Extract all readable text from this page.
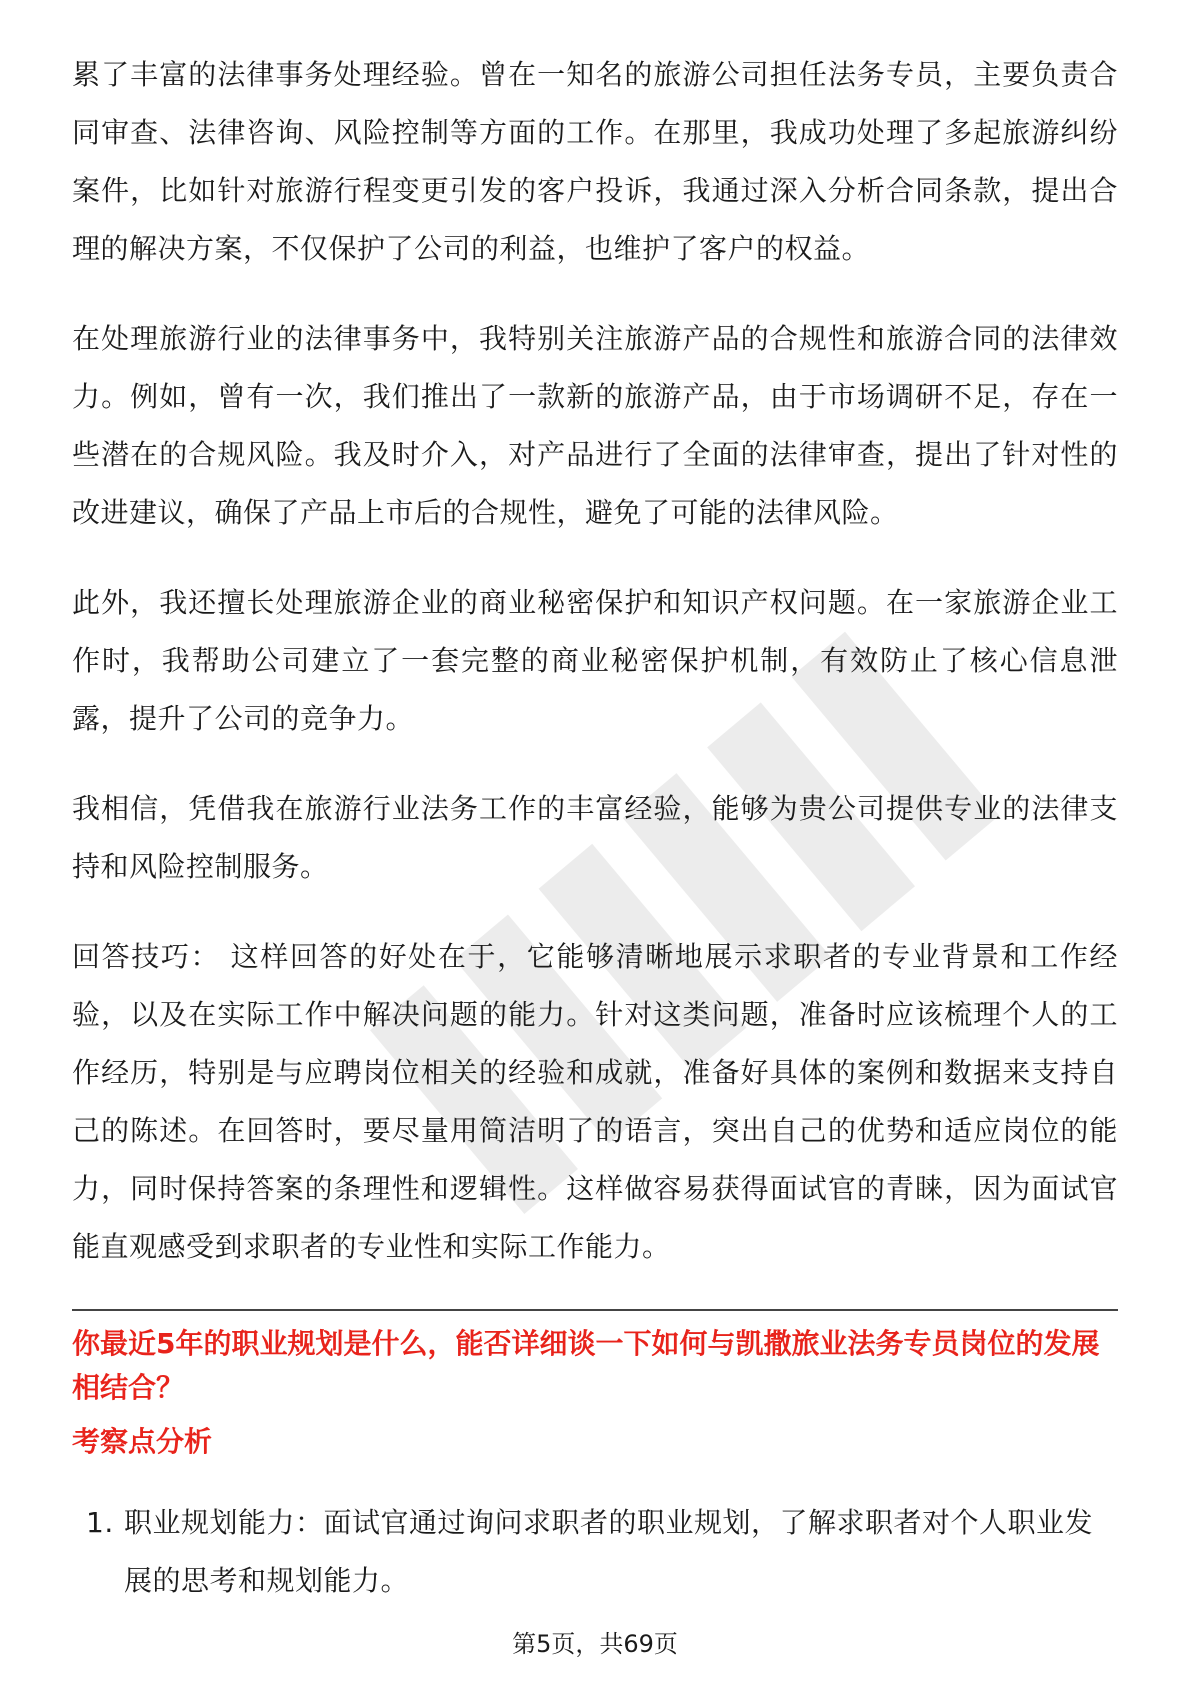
累了丰富的法律事务处理经验。曾在一知名的旅游公司担任法务专员，主要负责合同审查、法律咨询、风险控制等方面的工作。在那里，我成功处理了多起旅游纠纷案件，比如针对旅游行程变更引发的客户投诉，我通过深入分析合同条款，提出合理的解决方案，不仅保护了公司的利益，也维护了客户的权益。

在处理旅游行业的法律事务中，我特别关注旅游产品的合规性和旅游合同的法律效力。例如，曾有一次，我们推出了一款新的旅游产品，由于市场调研不足，存在一些潜在的合规风险。我及时介入，对产品进行了全面的法律审查，提出了针对性的改进建议，确保了产品上市后的合规性，避免了可能的法律风险。

此外，我还擅长处理旅游企业的商业秘密保护和知识产权问题。在一家旅游企业工作时，我帮助公司建立了一套完整的商业秘密保护机制，有效防止了核心信息泄露，提升了公司的竞争力。

我相信，凭借我在旅游行业法务工作的丰富经验，能够为贵公司提供专业的法律支持和风险控制服务。

回答技巧： 这样回答的好处在于，它能够清晰地展示求职者的专业背景和工作经验，以及在实际工作中解决问题的能力。针对这类问题，准备时应该梳理个人的工作经历，特别是与应聘岗位相关的经验和成就，准备好具体的案例和数据来支持自己的陈述。在回答时，要尽量用简洁明了的语言，突出自己的优势和适应岗位的能力，同时保持答案的条理性和逻辑性。这样做容易获得面试官的青睐，因为面试官能直观感受到求职者的专业性和实际工作能力。

你最近5年的职业规划是什么，能否详细谈一下如何与凯撒旅业法务专员岗位的发展相结合？
考察点分析
1. 职业规划能力：面试官通过询问求职者的职业规划，了解求职者对个人职业发展的思考和规划能力。
第5页，共69页
